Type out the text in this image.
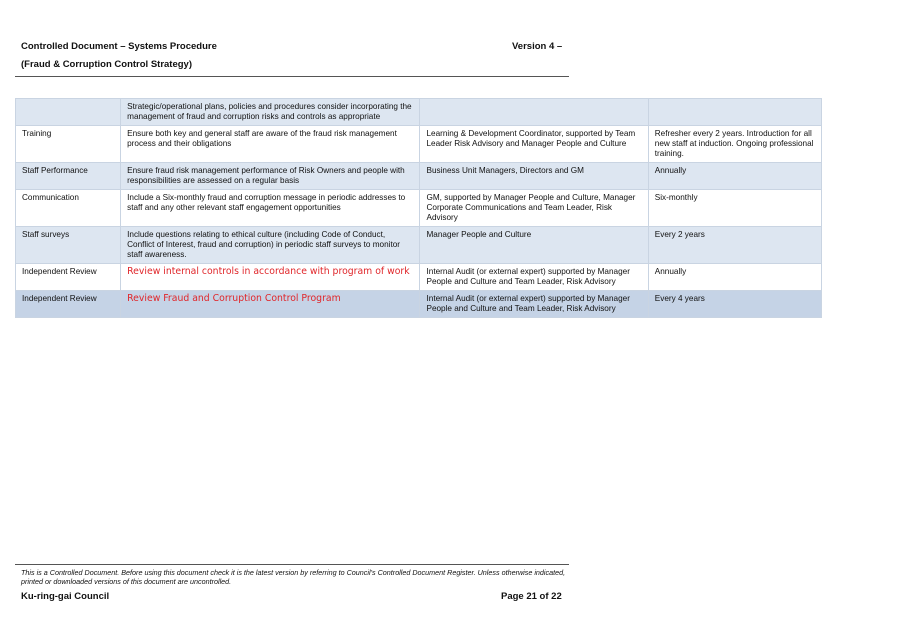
Controlled Document – Systems Procedure	Version 4 –
(Fraud & Corruption Control Strategy)
	Strategic/operational plans, policies and procedures consider incorporating the management of fraud and corruption risks and controls as appropriate		
Training	Ensure both key and general staff are aware of the fraud risk management process and their obligations	Learning & Development Coordinator, supported by Team Leader Risk Advisory and Manager People and Culture	Refresher every 2 years. Introduction for all new staff at induction. Ongoing professional training.
Staff Performance	Ensure fraud risk management performance of Risk Owners and people with responsibilities are assessed on a regular basis	Business Unit Managers, Directors and GM	Annually
Communication	Include a Six-monthly fraud and corruption message in periodic addresses to staff and any other relevant staff engagement opportunities	GM, supported by Manager People and Culture, Manager Corporate Communications and Team Leader, Risk Advisory	Six-monthly
Staff surveys	Include questions relating to ethical culture (including Code of Conduct, Conflict of Interest, fraud and corruption) in periodic staff surveys to monitor staff awareness.	Manager People and Culture	Every 2 years
Independent Review	Review internal controls in accordance with program of work	Internal Audit (or external expert) supported by Manager People and Culture and Team Leader, Risk Advisory	Annually
Independent Review	Review Fraud and Corruption Control Program	Internal Audit (or external expert) supported by Manager People and Culture and Team Leader, Risk Advisory	Every 4 years
This is a Controlled Document. Before using this document check it is the latest version by referring to Council’s Controlled Document Register. Unless otherwise indicated, printed or downloaded versions of this document are uncontrolled.
Ku-ring-gai Council	Page 21 of 22
